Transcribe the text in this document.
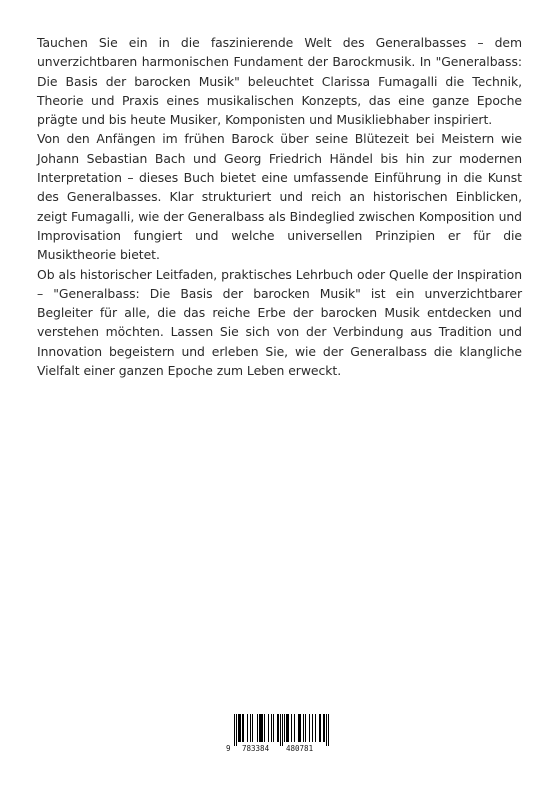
Tauchen Sie ein in die faszinierende Welt des Generalbasses – dem unverzichtbaren harmonischen Fundament der Barockmusik. In "Generalbass: Die Basis der barocken Musik" beleuchtet Clarissa Fumagalli die Technik, Theorie und Praxis eines musikalischen Konzepts, das eine ganze Epoche prägte und bis heute Musiker, Komponisten und Musikliebhaber inspiriert.

Von den Anfängen im frühen Barock über seine Blütezeit bei Meistern wie Johann Sebastian Bach und Georg Friedrich Händel bis hin zur modernen Interpretation – dieses Buch bietet eine umfassende Einführung in die Kunst des Generalbasses. Klar strukturiert und reich an historischen Einblicken, zeigt Fumagalli, wie der Generalbass als Bindeglied zwischen Komposition und Improvisation fungiert und welche universellen Prinzipien er für die Musiktheorie bietet.

Ob als historischer Leitfaden, praktisches Lehrbuch oder Quelle der Inspiration – "Generalbass: Die Basis der barocken Musik" ist ein unverzichtbarer Begleiter für alle, die das reiche Erbe der barocken Musik entdecken und verstehen möchten. Lassen Sie sich von der Verbindung aus Tradition und Innovation begeistern und erleben Sie, wie der Generalbass die klangliche Vielfalt einer ganzen Epoche zum Leben erweckt.

9 783384 480781
